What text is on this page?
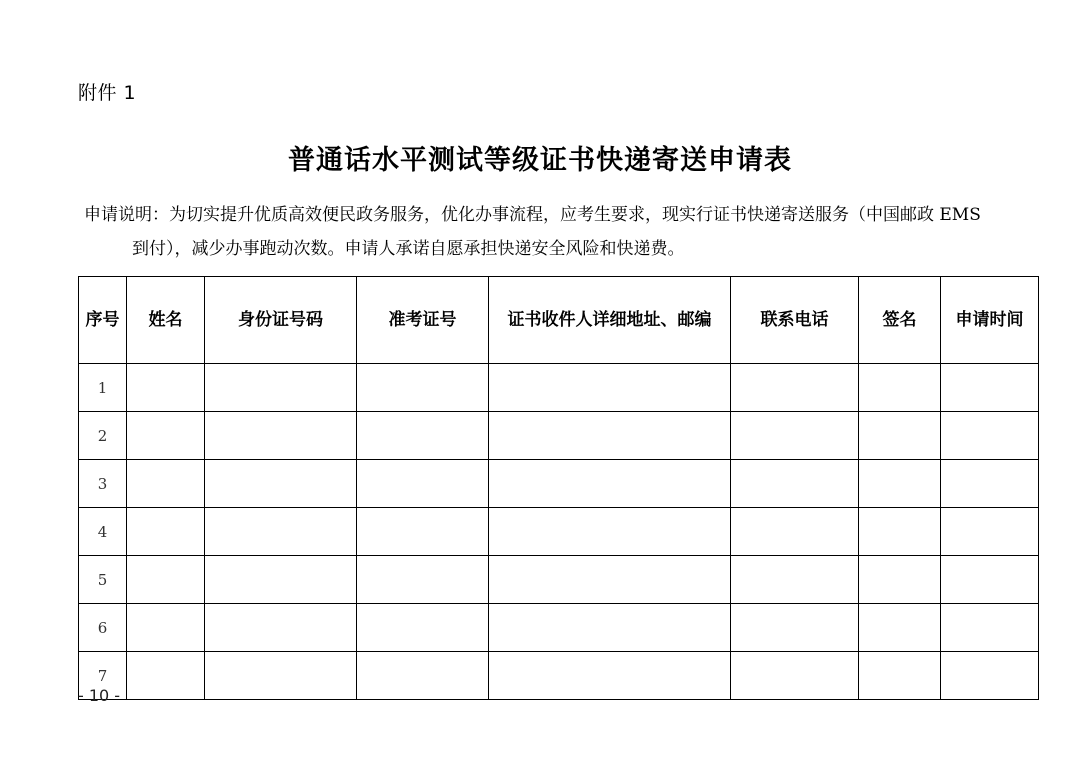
附件 1
普通话水平测试等级证书快递寄送申请表
申请说明：为切实提升优质高效便民政务服务，优化办事流程，应考生要求，现实行证书快递寄送服务（中国邮政 EMS
到付），减少办事跑动次数。申请人承诺自愿承担快递安全风险和快递费。
序号	姓名	身份证号码	准考证号	证书收件人详细地址、邮编	联系电话	签名	申请时间
1							
2							
3							
4							
5							
6							
7							
- 10 -
